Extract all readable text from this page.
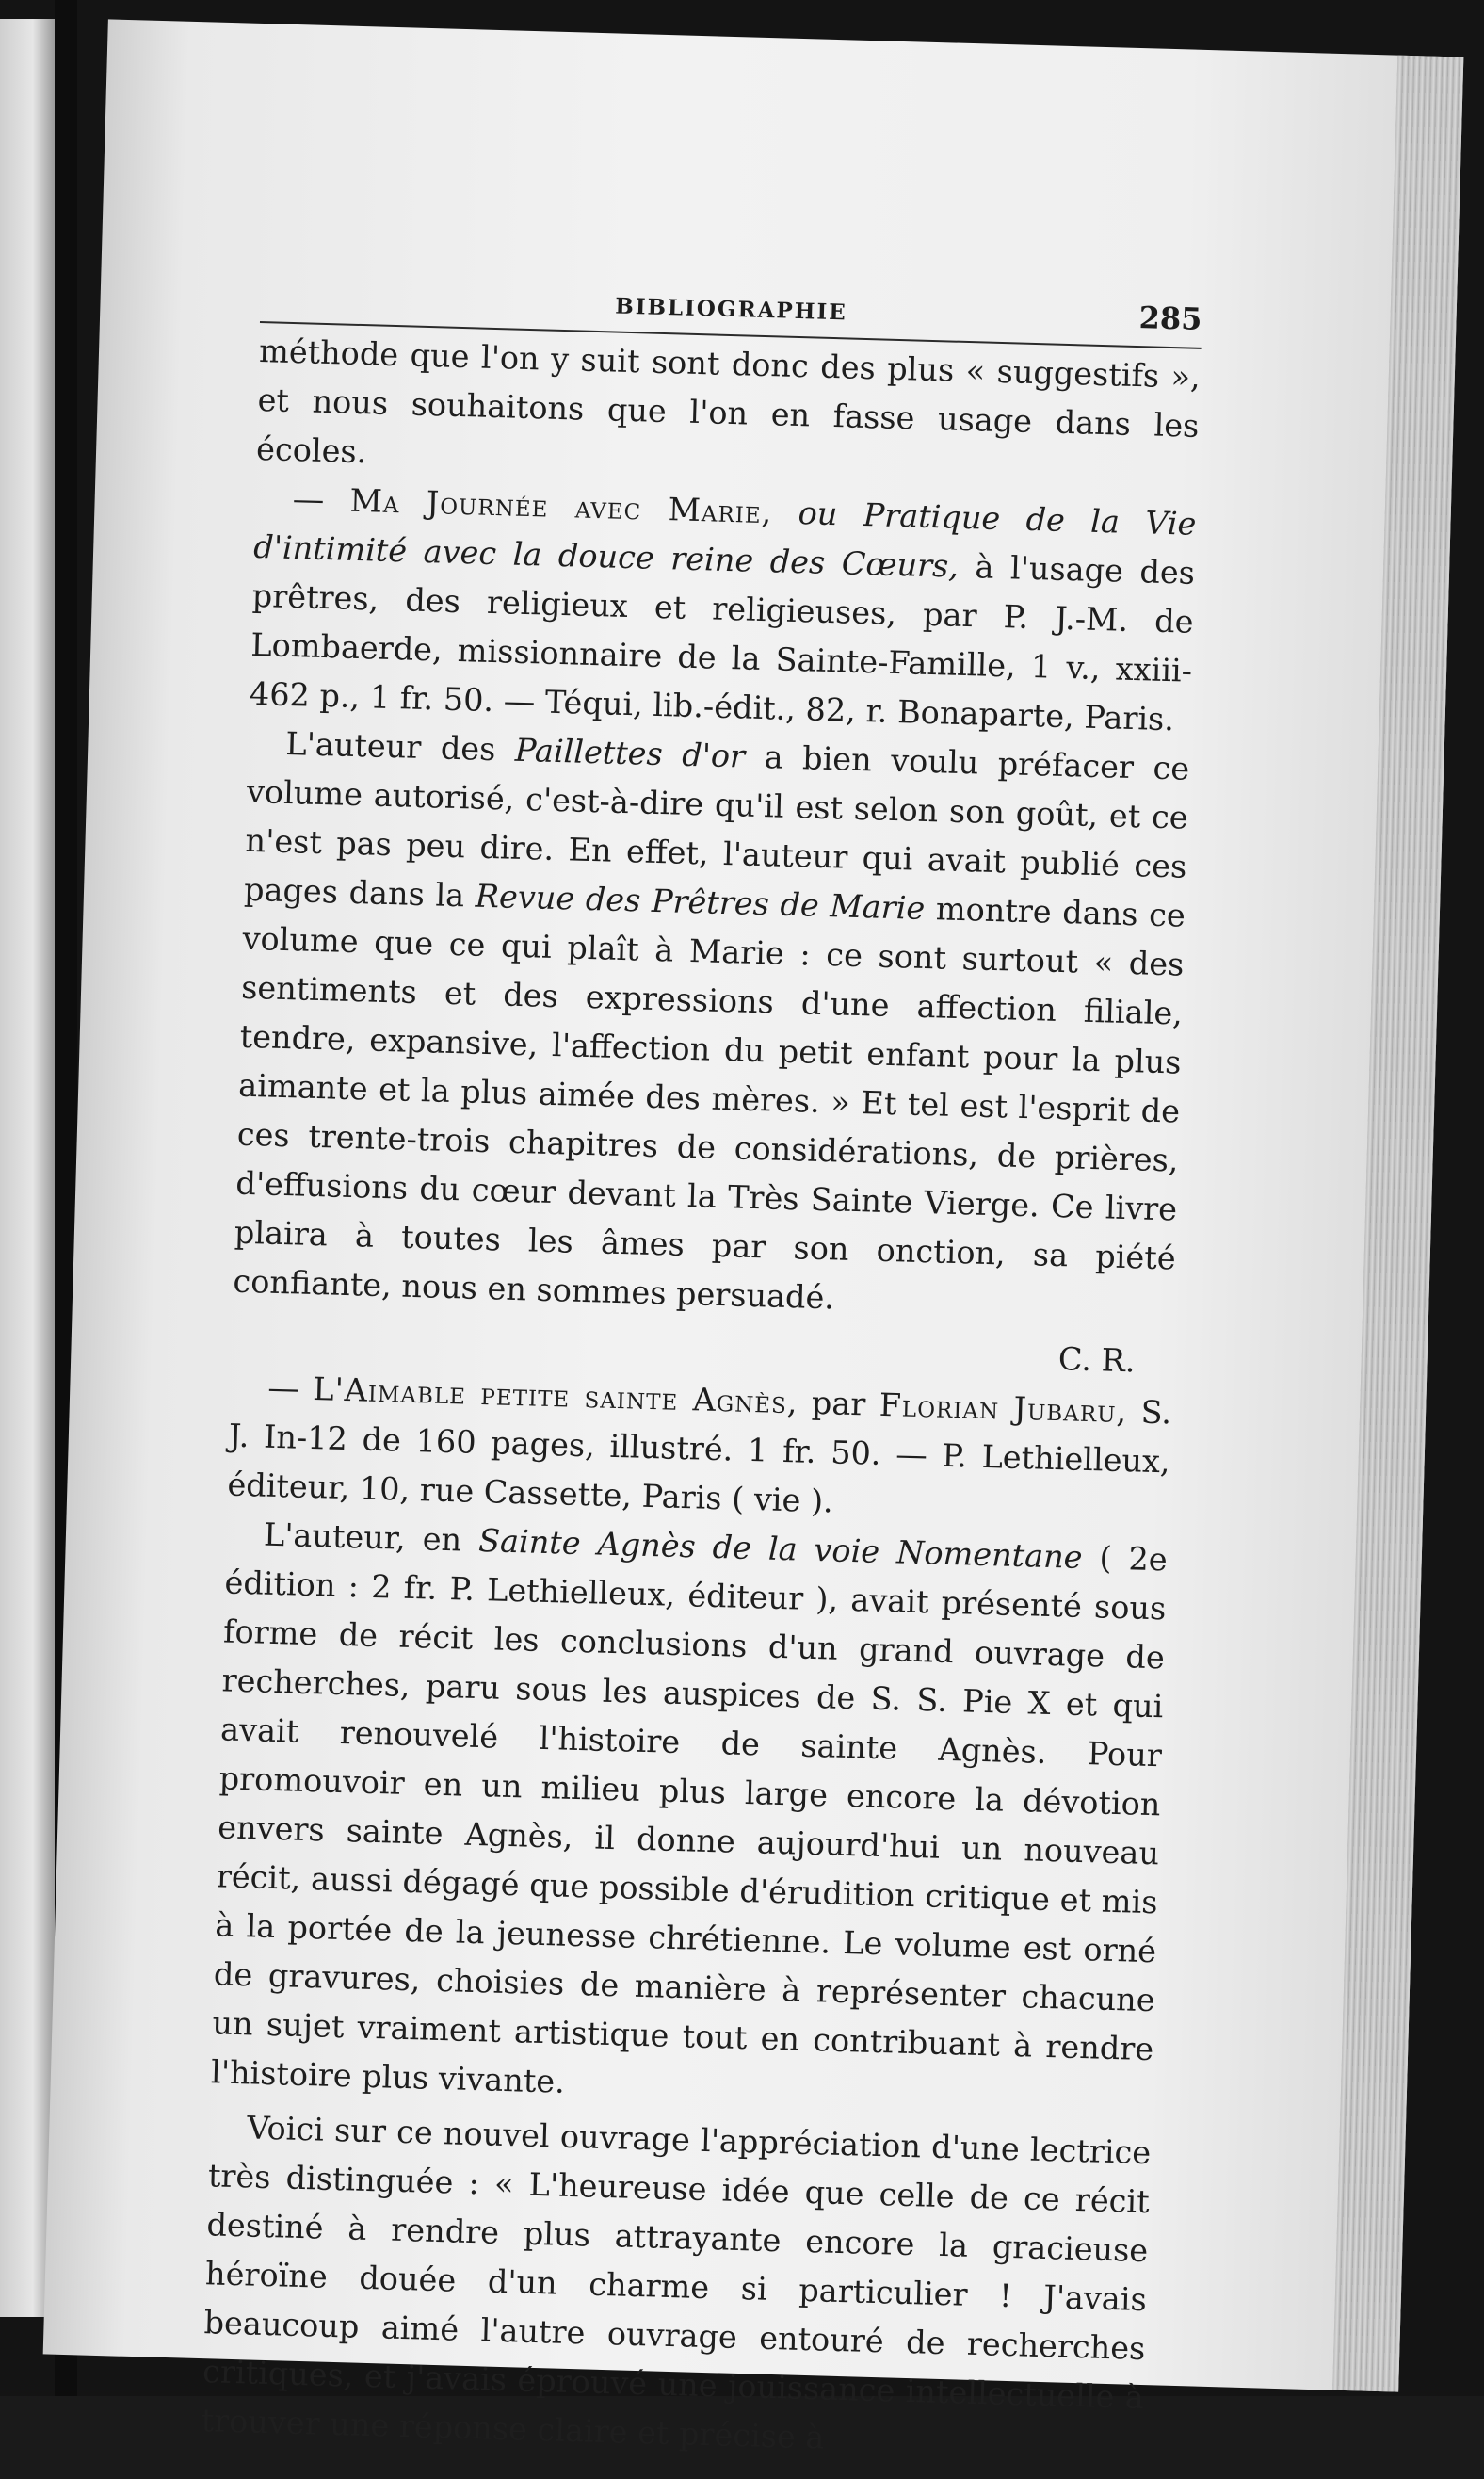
BIBLIOGRAPHIE	285

méthode que l'on y suit sont donc des plus « suggestifs », et nous souhaitons que l'on en fasse usage dans les écoles.

— Ma Journée avec Marie, ou Pratique de la Vie d'intimité avec la douce reine des Cœurs, à l'usage des prêtres, des religieux et religieuses, par P. J.-M. de Lombaerde, missionnaire de la Sainte-Famille, 1 v., xxiii-462 p., 1 fr. 50. — Téqui, lib.-édit., 82, r. Bonaparte, Paris.

L'auteur des Paillettes d'or a bien voulu préfacer ce volume autorisé, c'est-à-dire qu'il est selon son goût, et ce n'est pas peu dire. En effet, l'auteur qui avait publié ces pages dans la Revue des Prêtres de Marie montre dans ce volume que ce qui plaît à Marie : ce sont surtout « des sentiments et des expressions d'une affection filiale, tendre, expansive, l'affection du petit enfant pour la plus aimante et la plus aimée des mères. » Et tel est l'esprit de ces trente-trois chapitres de considérations, de prières, d'effusions du cœur devant la Très Sainte Vierge. Ce livre plaira à toutes les âmes par son onction, sa piété confiante, nous en sommes persuadé.

C. R.

— L'Aimable petite sainte Agnès, par Florian Jubaru, S. J. In-12 de 160 pages, illustré. 1 fr. 50. — P. Lethielleux, éditeur, 10, rue Cassette, Paris ( vie ).

L'auteur, en Sainte Agnès de la voie Nomentane ( 2e édition : 2 fr. P. Lethielleux, éditeur ), avait présenté sous forme de récit les conclusions d'un grand ouvrage de recherches, paru sous les auspices de S. S. Pie X et qui avait renouvelé l'histoire de sainte Agnès. Pour promouvoir en un milieu plus large encore la dévotion envers sainte Agnès, il donne aujourd'hui un nouveau récit, aussi dégagé que possible d'érudition critique et mis à la portée de la jeunesse chrétienne. Le volume est orné de gravures, choisies de manière à représenter chacune un sujet vraiment artistique tout en contribuant à rendre l'histoire plus vivante.

Voici sur ce nouvel ouvrage l'appréciation d'une lectrice très distinguée : « L'heureuse idée que celle de ce récit destiné à rendre plus attrayante encore la gracieuse héroïne douée d'un charme si particulier ! J'avais beaucoup aimé l'autre ouvrage entouré de recherches critiques, et j'avais éprouvé une jouissance intellectuelle à trouver une réponse claire et précise à
